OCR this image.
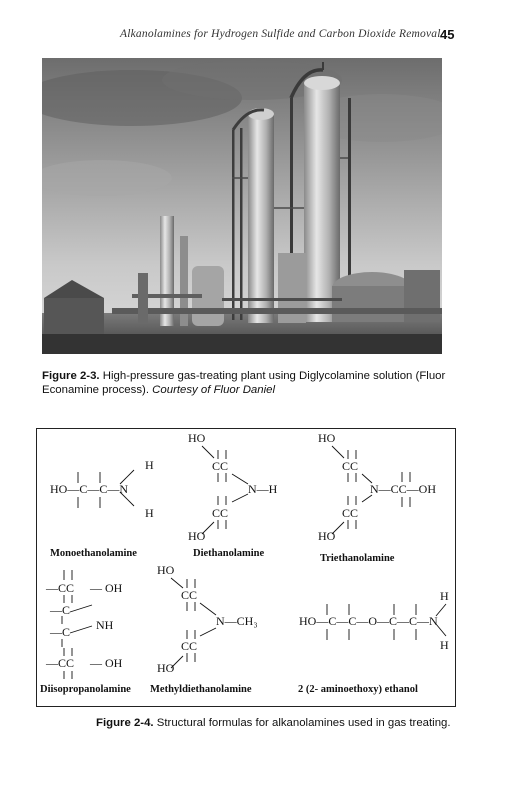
Alkanolamines for Hydrogen Sulfide and Carbon Dioxide Removal 45
Figure 2-3. High-pressure gas-treating plant using Diglycolamine solution (Fluor Econamine process). Courtesy of Fluor Daniel
HO—C—C—N
H
H
Monoethanolamine
HO
CC
N—H
CC
HO
Diethanolamine
HO
CC
N—CC—OH
CC
HO
Triethanolamine
—CC — OH
—C
NH
—C
—CC — OH
Diisopropanolamine
HO
CC
N—CH₃
CC
HO
Methyldiethanolamine
HO—C—C—O—C—C—N
H
H
2 (2- aminoethoxy) ethanol
Figure 2-4. Structural formulas for alkanolamines used in gas treating.
